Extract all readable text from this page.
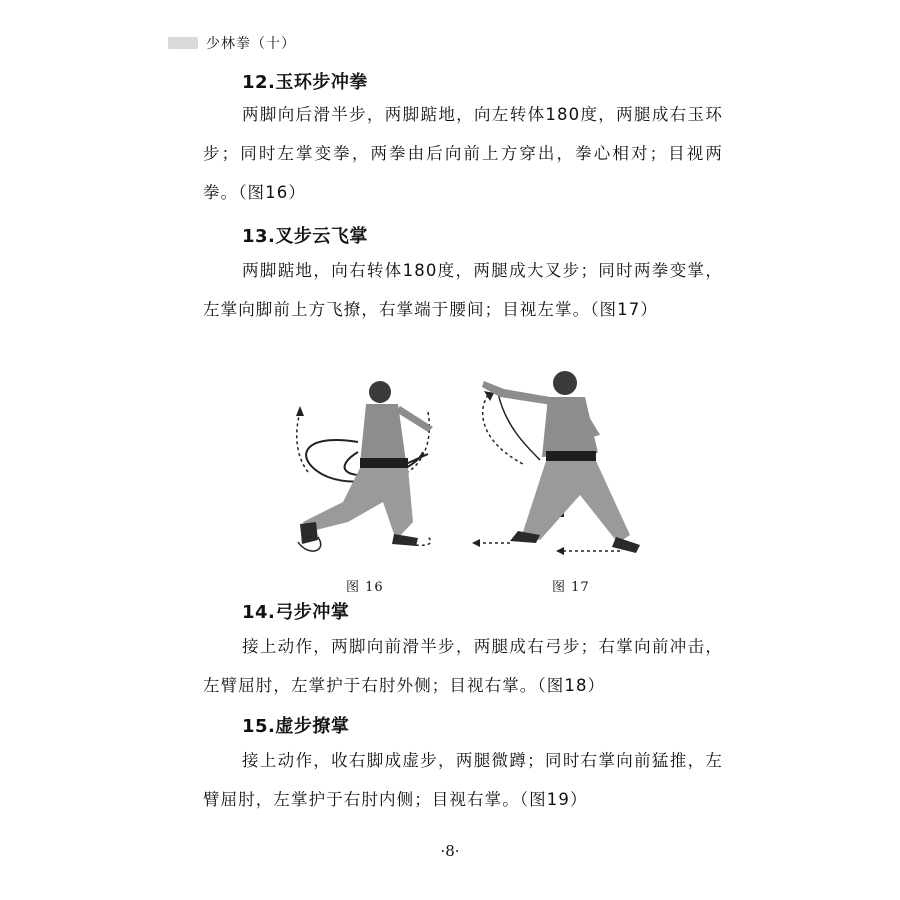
少林拳（十）
12.玉环步冲拳
两脚向后滑半步，两脚踮地，向左转体180度，两腿成右玉环步；同时左掌变拳，两拳由后向前上方穿出，拳心相对；目视两拳。（图16）
13.叉步云飞掌
两脚踮地，向右转体180度，两腿成大叉步；同时两拳变掌，左掌向脚前上方飞撩，右掌端于腰间；目视左掌。（图17）
图 16	图 17
14.弓步冲掌
接上动作，两脚向前滑半步，两腿成右弓步；右掌向前冲击，左臂屈肘，左掌护于右肘外侧；目视右掌。（图18）
15.虚步撩掌
接上动作，收右脚成虚步，两腿微蹲；同时右掌向前猛推，左臂屈肘，左掌护于右肘内侧；目视右掌。（图19）
·8·
